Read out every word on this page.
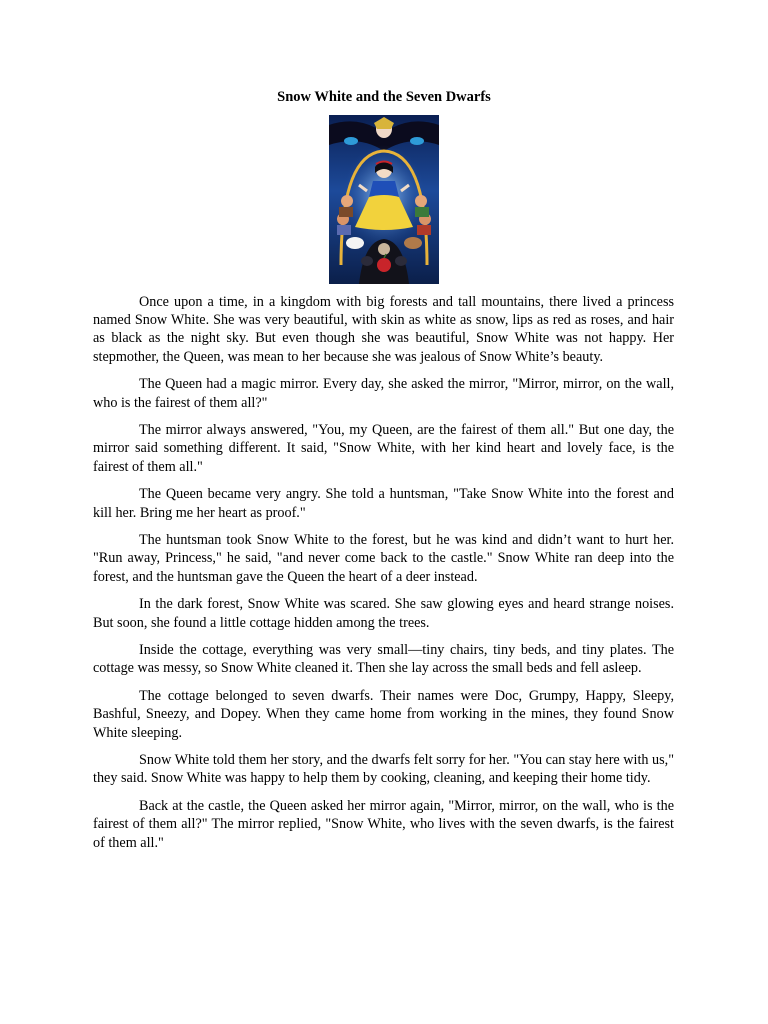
Snow White and the Seven Dwarfs

Once upon a time, in a kingdom with big forests and tall mountains, there lived a princess named Snow White. She was very beautiful, with skin as white as snow, lips as red as roses, and hair as black as the night sky. But even though she was beautiful, Snow White was not happy. Her stepmother, the Queen, was mean to her because she was jealous of Snow White’s beauty.

The Queen had a magic mirror. Every day, she asked the mirror, "Mirror, mirror, on the wall, who is the fairest of them all?"

The mirror always answered, "You, my Queen, are the fairest of them all." But one day, the mirror said something different. It said, "Snow White, with her kind heart and lovely face, is the fairest of them all."

The Queen became very angry. She told a huntsman, "Take Snow White into the forest and kill her. Bring me her heart as proof."

The huntsman took Snow White to the forest, but he was kind and didn’t want to hurt her. "Run away, Princess," he said, "and never come back to the castle." Snow White ran deep into the forest, and the huntsman gave the Queen the heart of a deer instead.

In the dark forest, Snow White was scared. She saw glowing eyes and heard strange noises. But soon, she found a little cottage hidden among the trees.

Inside the cottage, everything was very small—tiny chairs, tiny beds, and tiny plates. The cottage was messy, so Snow White cleaned it. Then she lay across the small beds and fell asleep.

The cottage belonged to seven dwarfs. Their names were Doc, Grumpy, Happy, Sleepy, Bashful, Sneezy, and Dopey. When they came home from working in the mines, they found Snow White sleeping.

Snow White told them her story, and the dwarfs felt sorry for her. "You can stay here with us," they said. Snow White was happy to help them by cooking, cleaning, and keeping their home tidy.

Back at the castle, the Queen asked her mirror again, "Mirror, mirror, on the wall, who is the fairest of them all?" The mirror replied, "Snow White, who lives with the seven dwarfs, is the fairest of them all."
